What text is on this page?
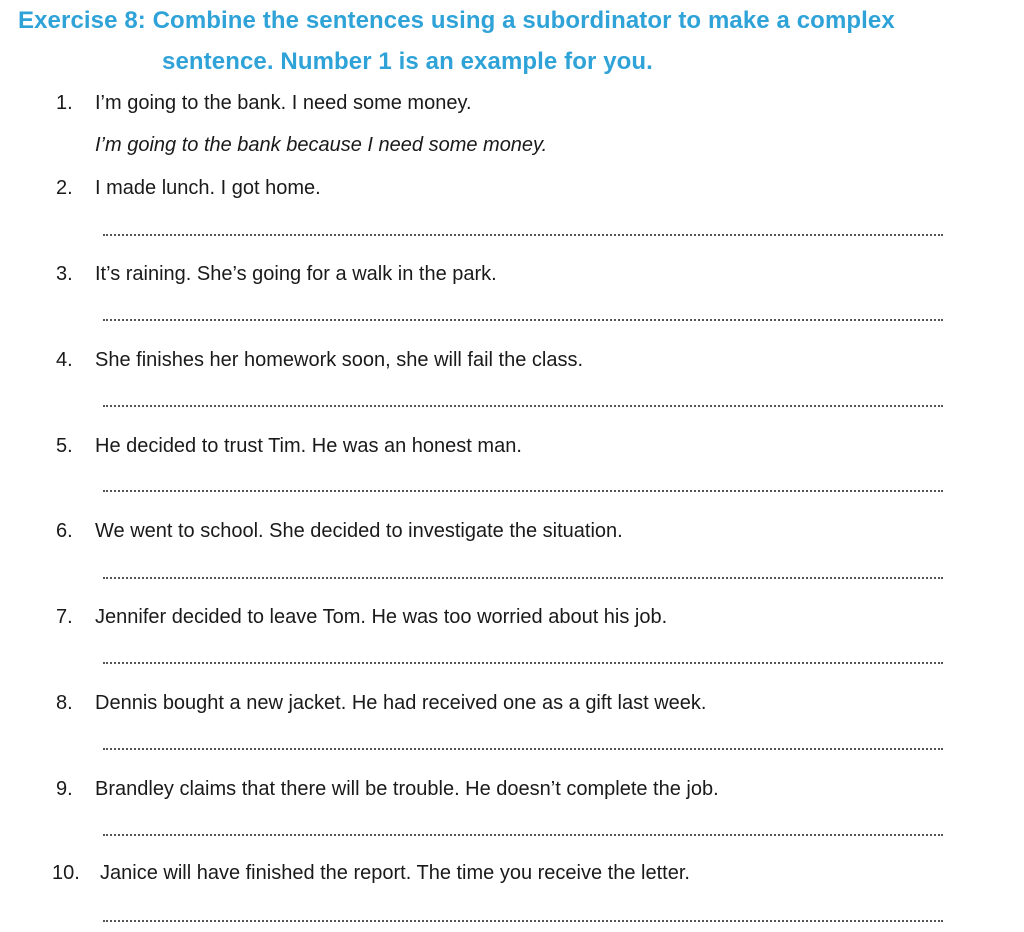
Exercise 8: Combine the sentences using a subordinator to make a complex
sentence. Number 1 is an example for you.
1.	I’m going to the bank. I need some money.
I’m going to the bank because I need some money.
2.	I made lunch. I got home.
3.	It’s raining. She’s going for a walk in the park.
4.	She finishes her homework soon, she will fail the class.
5.	He decided to trust Tim. He was an honest man.
6.	We went to school. She decided to investigate the situation.
7.	Jennifer decided to leave Tom. He was too worried about his job.
8.	Dennis bought a new jacket. He had received one as a gift last week.
9.	Brandley claims that there will be trouble. He doesn’t complete the job.
10.	Janice will have finished the report. The time you receive the letter.
